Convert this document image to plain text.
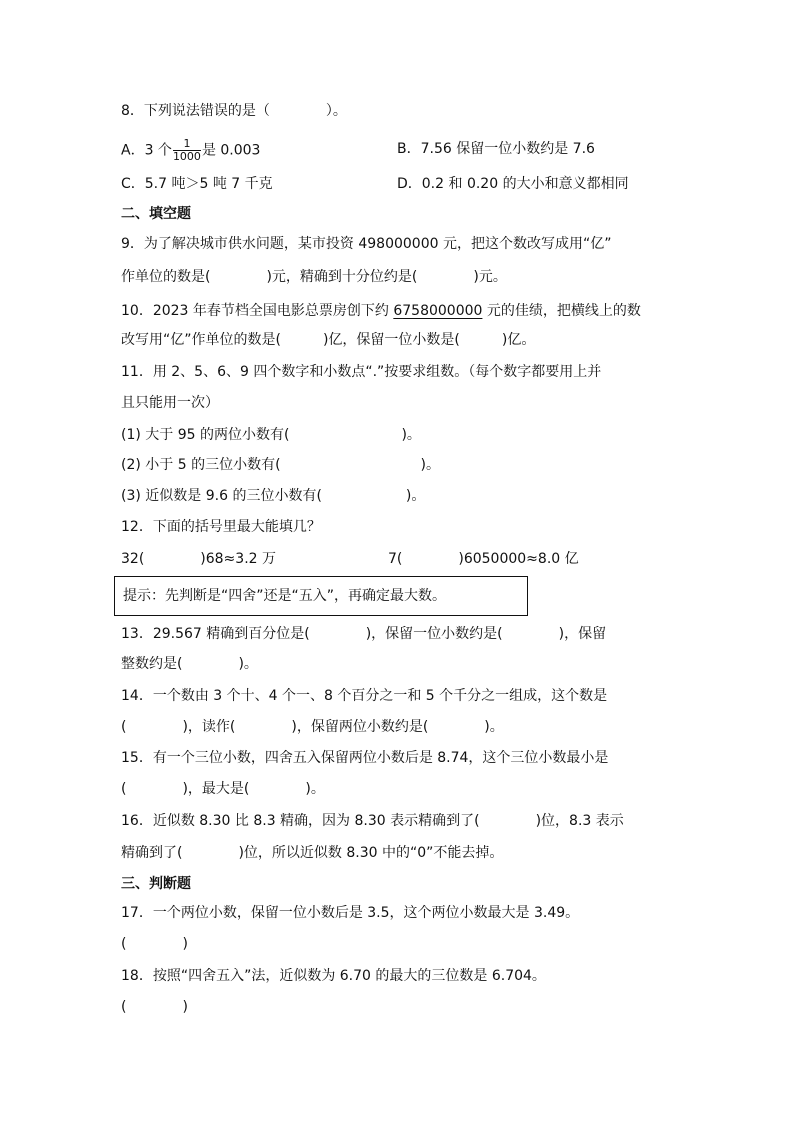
8．下列说法错误的是（　　　　）。
A．3 个 $\frac{1}{1000}$ 是 0.003	B．7.56 保留一位小数约是 7.6
C．5.7 吨＞5 吨 7 千克	D．0.2 和 0.20 的大小和意义都相同
二、填空题
9．为了解决城市供水问题，某市投资 498000000 元，把这个数改写成用“亿”
作单位的数是(　　　　)元，精确到十分位约是(　　　　)元。
10．2023 年春节档全国电影总票房创下约 6758000000 元的佳绩，把横线上的数
改写用“亿”作单位的数是(　　　)亿，保留一位小数是(　　　)亿。
11．用 2、5、6、9 四个数字和小数点“.”按要求组数。（每个数字都要用上并
且只能用一次）
(1) 大于 95 的两位小数有(　　　　　　　　)。
(2) 小于 5 的三位小数有(　　　　　　　　　　)。
(3) 近似数是 9.6 的三位小数有(　　　　　　)。
12．下面的括号里最大能填几？
32(　　　　)68≈3.2 万	7(　　　　)6050000≈8.0 亿
提示：先判断是“四舍”还是“五入”，再确定最大数。
13．29.567 精确到百分位是(　　　　)，保留一位小数约是(　　　　)，保留
整数约是(　　　　)。
14．一个数由 3 个十、4 个一、8 个百分之一和 5 个千分之一组成，这个数是
(　　　　)，读作(　　　　)，保留两位小数约是(　　　　)。
15．有一个三位小数，四舍五入保留两位小数后是 8.74，这个三位小数最小是
(　　　　)，最大是(　　　　)。
16．近似数 8.30 比 8.3 精确，因为 8.30 表示精确到了(　　　　)位，8.3 表示
精确到了(　　　　)位，所以近似数 8.30 中的“0”不能去掉。
三、判断题
17．一个两位小数，保留一位小数后是 3.5，这个两位小数最大是 3.49。
(　　　　)
18．按照“四舍五入”法，近似数为 6.70 的最大的三位数是 6.704。
(　　　　)
